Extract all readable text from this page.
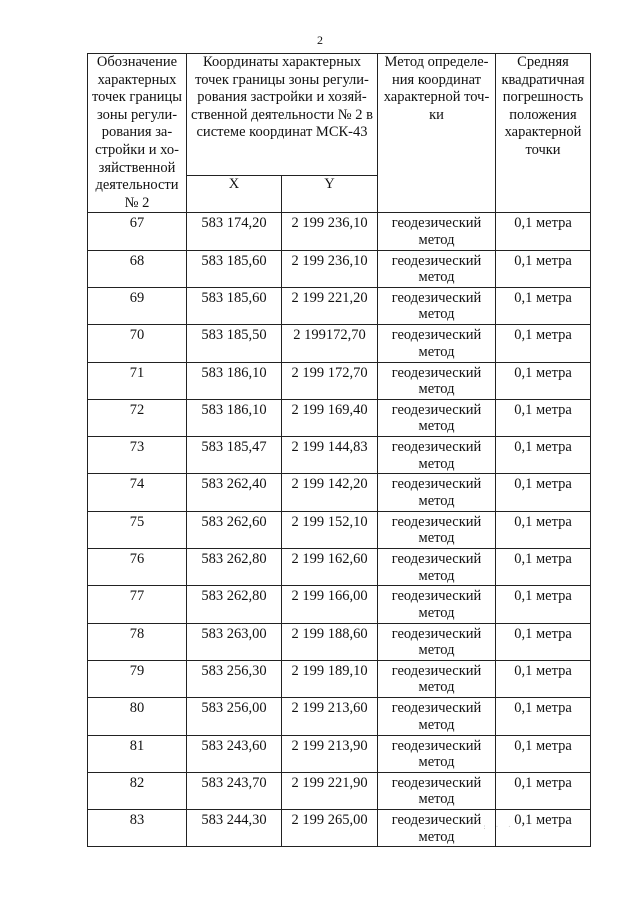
2
Обозначение характерных точек границы зоны регули-рования за-стройки и хо-зяйственной деятельности № 2	Координаты характерных точек границы зоны регули-рования застройки и хозяй-ственной деятельности № 2 в системе координат МСК-43		Метод определе-ния координат характерной точ-ки	Средняя квадратичная погрешность положения характерной точки
	X	Y		
67	583 174,20	2 199 236,10	геодезический метод	0,1 метра
68	583 185,60	2 199 236,10	геодезический метод	0,1 метра
69	583 185,60	2 199 221,20	геодезический метод	0,1 метра
70	583 185,50	2 199172,70	геодезический метод	0,1 метра
71	583 186,10	2 199 172,70	геодезический метод	0,1 метра
72	583 186,10	2 199 169,40	геодезический метод	0,1 метра
73	583 185,47	2 199 144,83	геодезический метод	0,1 метра
74	583 262,40	2 199 142,20	геодезический метод	0,1 метра
75	583 262,60	2 199 152,10	геодезический метод	0,1 метра
76	583 262,80	2 199 162,60	геодезический метод	0,1 метра
77	583 262,80	2 199 166,00	геодезический метод	0,1 метра
78	583 263,00	2 199 188,60	геодезический метод	0,1 метра
79	583 256,30	2 199 189,10	геодезический метод	0,1 метра
80	583 256,00	2 199 213,60	геодезический метод	0,1 метра
81	583 243,60	2 199 213,90	геодезический метод	0,1 метра
82	583 243,70	2 199 221,90	геодезический метод	0,1 метра
83	583 244,30	2 199 265,00	геодезический метод	0,1 метра
· : · ·
